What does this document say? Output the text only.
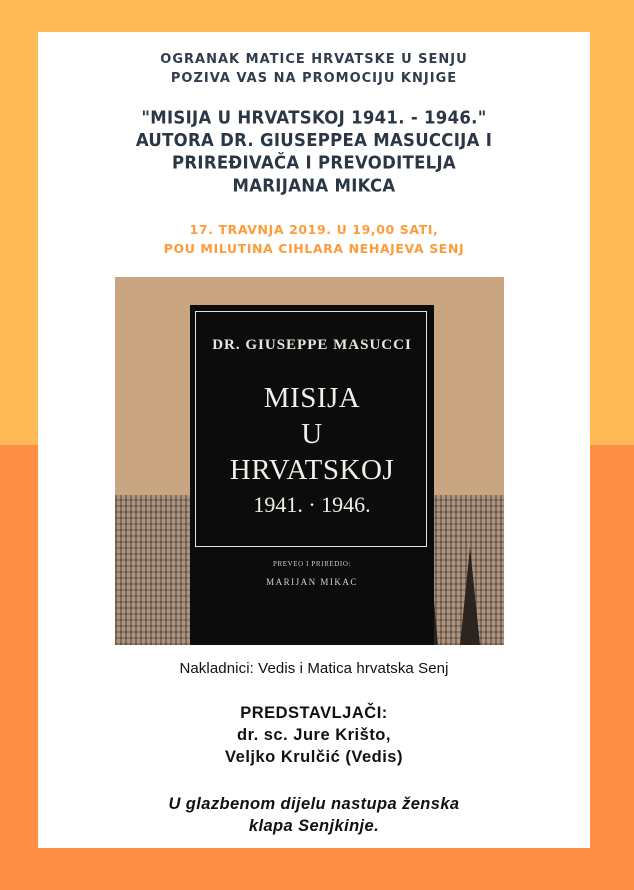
OGRANAK MATICE HRVATSKE U SENJU
POZIVA VAS NA PROMOCIJU KNJIGE
"MISIJA U HRVATSKOJ 1941. - 1946."
AUTORA DR. GIUSEPPEA MASUCCIJA I
PRIREĐIVAČA I PREVODITELJA
MARIJANA MIKCA
17. TRAVNJA 2019. U 19,00 SATI,
POU MILUTINA CIHLARA NEHAJEVA SENJ
DR. GIUSEPPE MASUCCI
MISIJA
U
HRVATSKOJ
1941. · 1946.
PREVEO I PRIREDIO:
MARIJAN MIKAC
Nakladnici: Vedis i Matica hrvatska Senj
PREDSTAVLJAČI:
dr. sc. Jure Krišto,
Veljko Krulčić (Vedis)
U glazbenom dijelu nastupa ženska
klapa Senjkinje.
